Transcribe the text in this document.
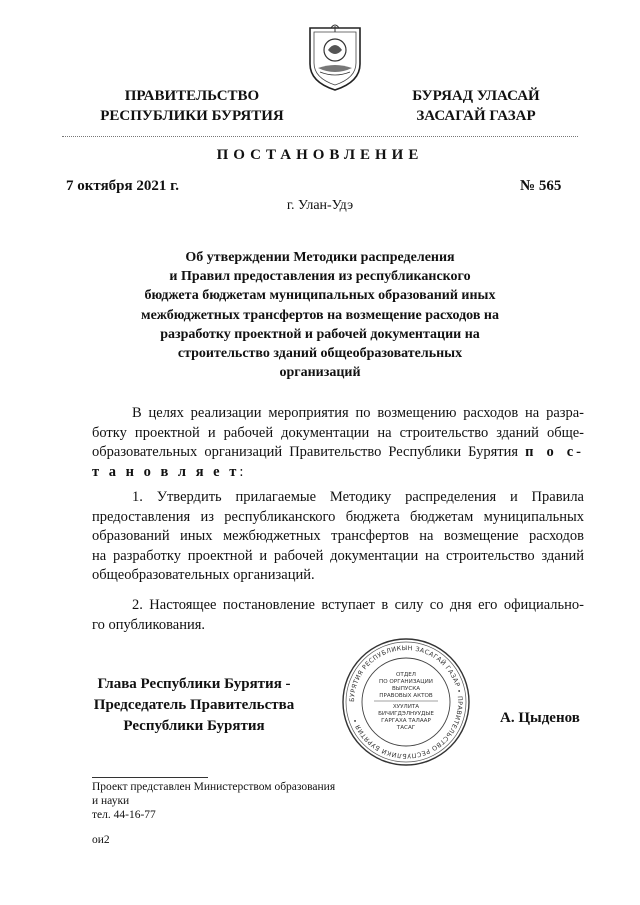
ПРАВИТЕЛЬСТВО
РЕСПУБЛИКИ БУРЯТИЯ
БУРЯАД УЛАСАЙ
ЗАСАГАЙ ГАЗАР
ПОСТАНОВЛЕНИЕ
7 октября 2021 г.	№ 565
г. Улан-Удэ
Об утверждении Методики распределения
и Правил предоставления из республиканского
бюджета бюджетам муниципальных образований иных
межбюджетных трансфертов на возмещение расходов на
разработку проектной и рабочей документации на
строительство зданий общеобразовательных
организаций
В целях реализации мероприятия по возмещению расходов на разра-
ботку проектной и рабочей документации на строительство зданий обще-
образовательных организаций Правительство Республики Бурятия п о с-
т а н о в л я е т:
1. Утвердить прилагаемые Методику распределения и Правила
предоставления из республиканского бюджета бюджетам муниципальных
образований иных межбюджетных трансфертов на возмещение расходов
на разработку проектной и рабочей документации на строительство зданий
общеобразовательных организаций.
2. Настоящее постановление вступает в силу со дня его официально-
го опубликования.
Глава Республики Бурятия -
Председатель Правительства
Республики Бурятия
БУРЯТИЯ РЕСПУБЛИКЫН ЗАСАГАЙ ГАЗАР • ПРАВИТЕЛЬСТВО РЕСПУБЛИКИ БУРЯТИЯ •
ОТДЕЛ
ПО ОРГАНИЗАЦИИ
ВЫПУСКА
ПРАВОВЫХ АКТОВ
ХУУЛИТА
БИЧИГДЭЛНУУДЫЕ
ГАРГАХА ТАЛААР
ТАСАГ
А. Цыденов
Проект представлен Министерством образования
и науки
тел. 44-16-77
ои2
